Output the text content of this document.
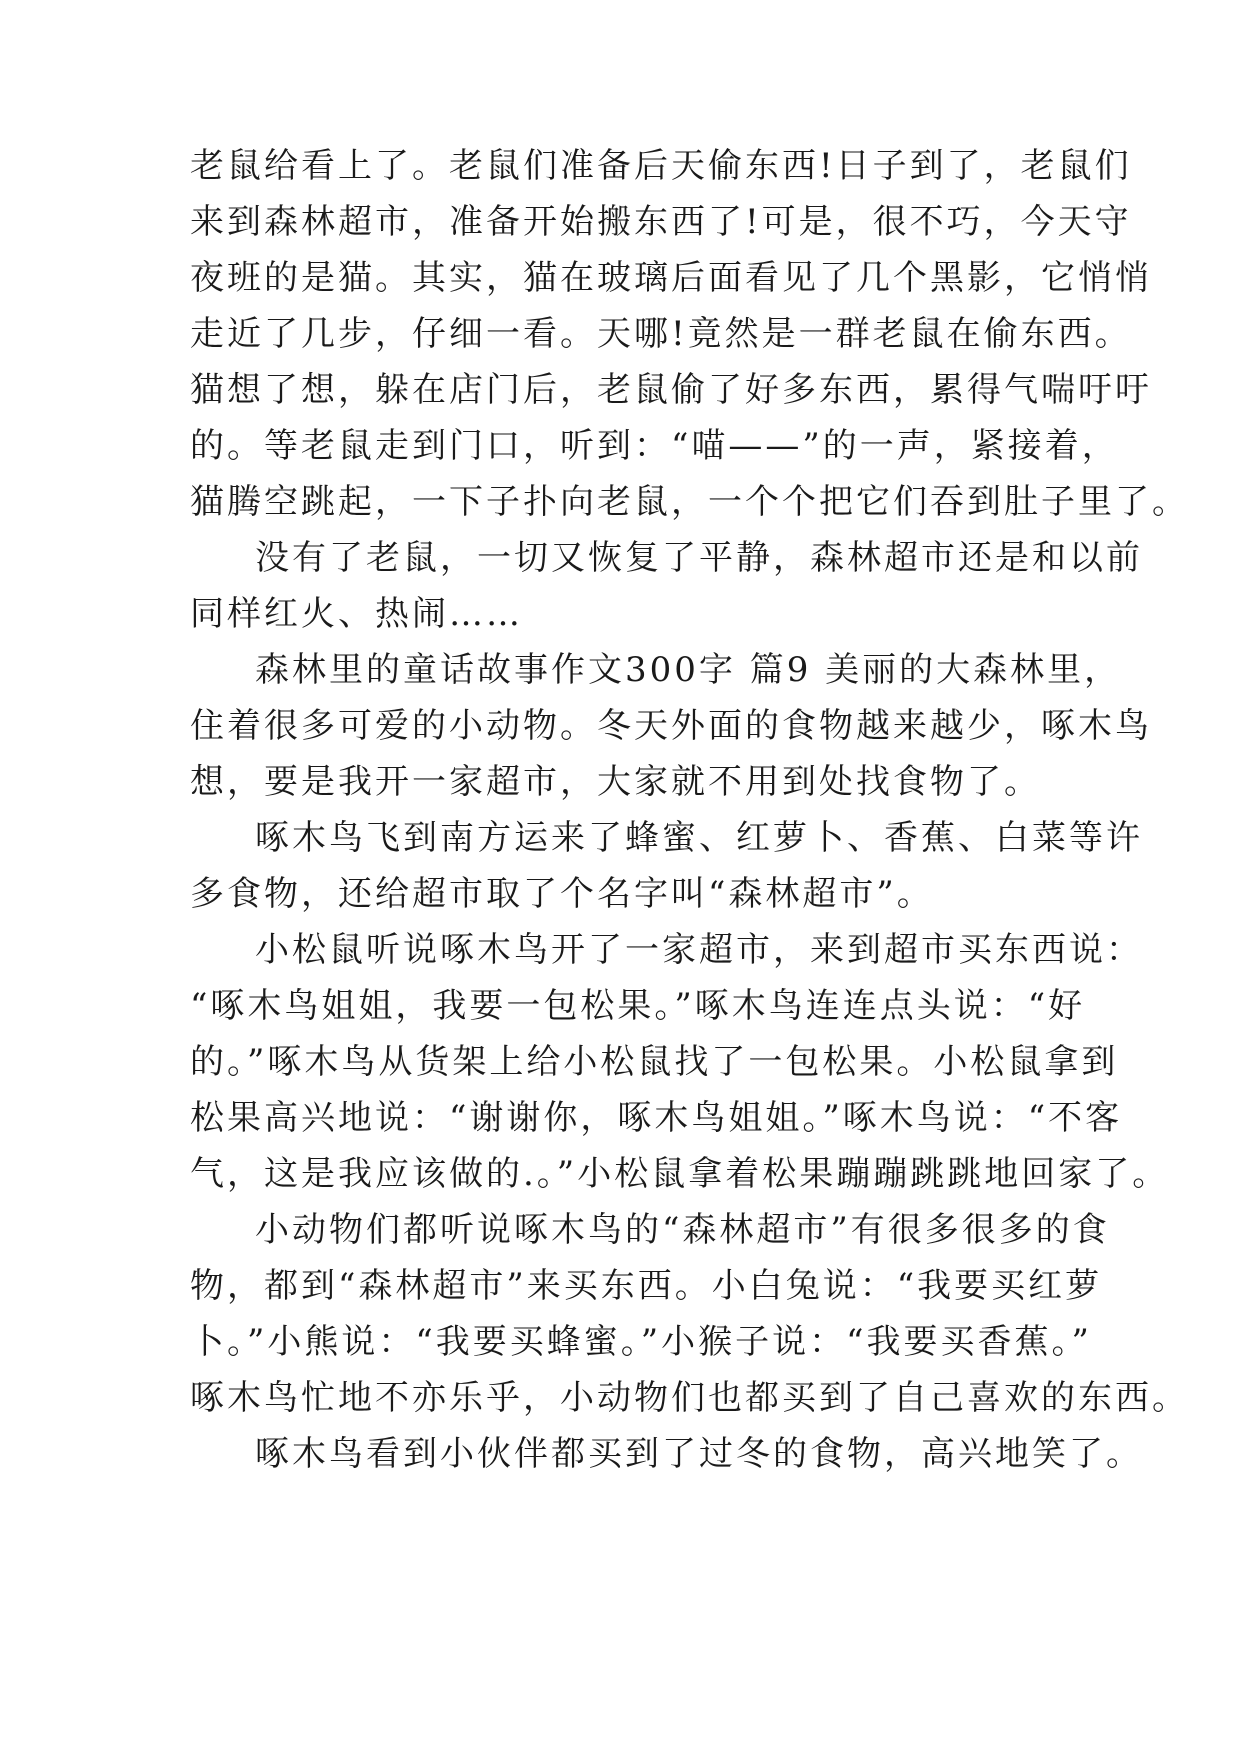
老鼠给看上了。老鼠们准备后天偷东西!日子到了，老鼠们
来到森林超市，准备开始搬东西了!可是，很不巧，今天守
夜班的是猫。其实，猫在玻璃后面看见了几个黑影，它悄悄
走近了几步，仔细一看。天哪!竟然是一群老鼠在偷东西。
猫想了想，躲在店门后，老鼠偷了好多东西，累得气喘吁吁
的。等老鼠走到门口，听到：“喵——”的一声，紧接着，
猫腾空跳起，一下子扑向老鼠，一个个把它们吞到肚子里了。
没有了老鼠，一切又恢复了平静，森林超市还是和以前
同样红火、热闹……
森林里的童话故事作文300字 篇9 美丽的大森林里，
住着很多可爱的小动物。冬天外面的食物越来越少，啄木鸟
想，要是我开一家超市，大家就不用到处找食物了。
啄木鸟飞到南方运来了蜂蜜、红萝卜、香蕉、白菜等许
多食物，还给超市取了个名字叫“森林超市”。
小松鼠听说啄木鸟开了一家超市，来到超市买东西说：
“啄木鸟姐姐，我要一包松果。”啄木鸟连连点头说：“好
的。”啄木鸟从货架上给小松鼠找了一包松果。小松鼠拿到
松果高兴地说：“谢谢你，啄木鸟姐姐。”啄木鸟说：“不客
气，这是我应该做的.。”小松鼠拿着松果蹦蹦跳跳地回家了。
小动物们都听说啄木鸟的“森林超市”有很多很多的食
物，都到“森林超市”来买东西。小白兔说：“我要买红萝
卜。”小熊说：“我要买蜂蜜。”小猴子说：“我要买香蕉。”
啄木鸟忙地不亦乐乎，小动物们也都买到了自己喜欢的东西。
啄木鸟看到小伙伴都买到了过冬的食物，高兴地笑了。
